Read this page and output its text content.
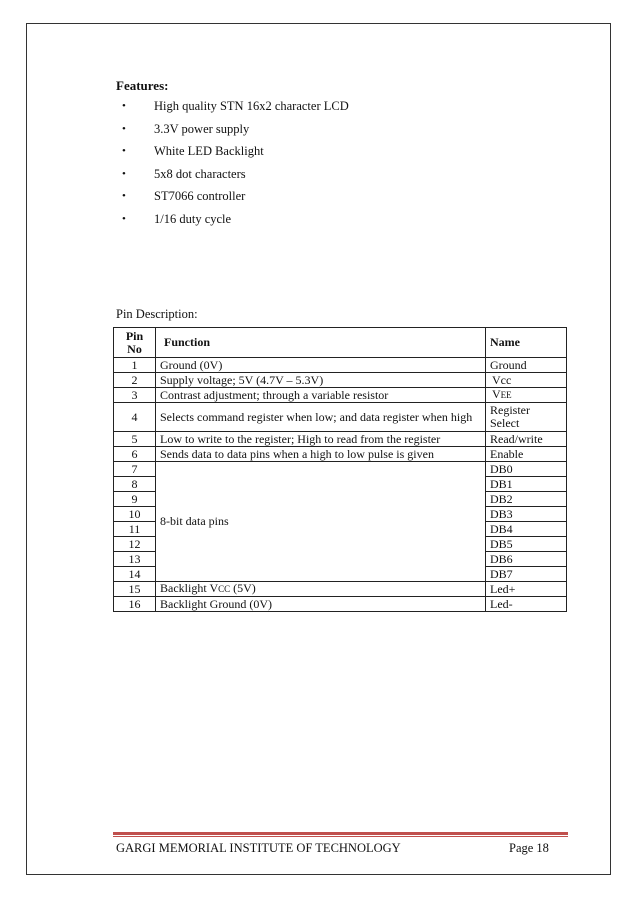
Features:
• High quality STN 16x2 character LCD
• 3.3V power supply
• White LED Backlight
• 5x8 dot characters
• ST7066 controller
• 1/16 duty cycle
Pin Description:
Pin
No	Function	Name
1	Ground (0V)	Ground
2	Supply voltage; 5V (4.7V – 5.3V)	Vcc
3	Contrast adjustment; through a variable resistor	VEE
4	Selects command register when low; and data register when high	Register Select
5	Low to write to the register; High to read from the register	Read/write
6	Sends data to data pins when a high to low pulse is given	Enable
7	8-bit data pins	DB0
8		DB1
9		DB2
10		DB3
11		DB4
12		DB5
13		DB6
14		DB7
15	Backlight VCC (5V)	Led+
16	Backlight Ground (0V)	Led-
GARGI MEMORIAL INSTITUTE OF TECHNOLOGY	Page 18
